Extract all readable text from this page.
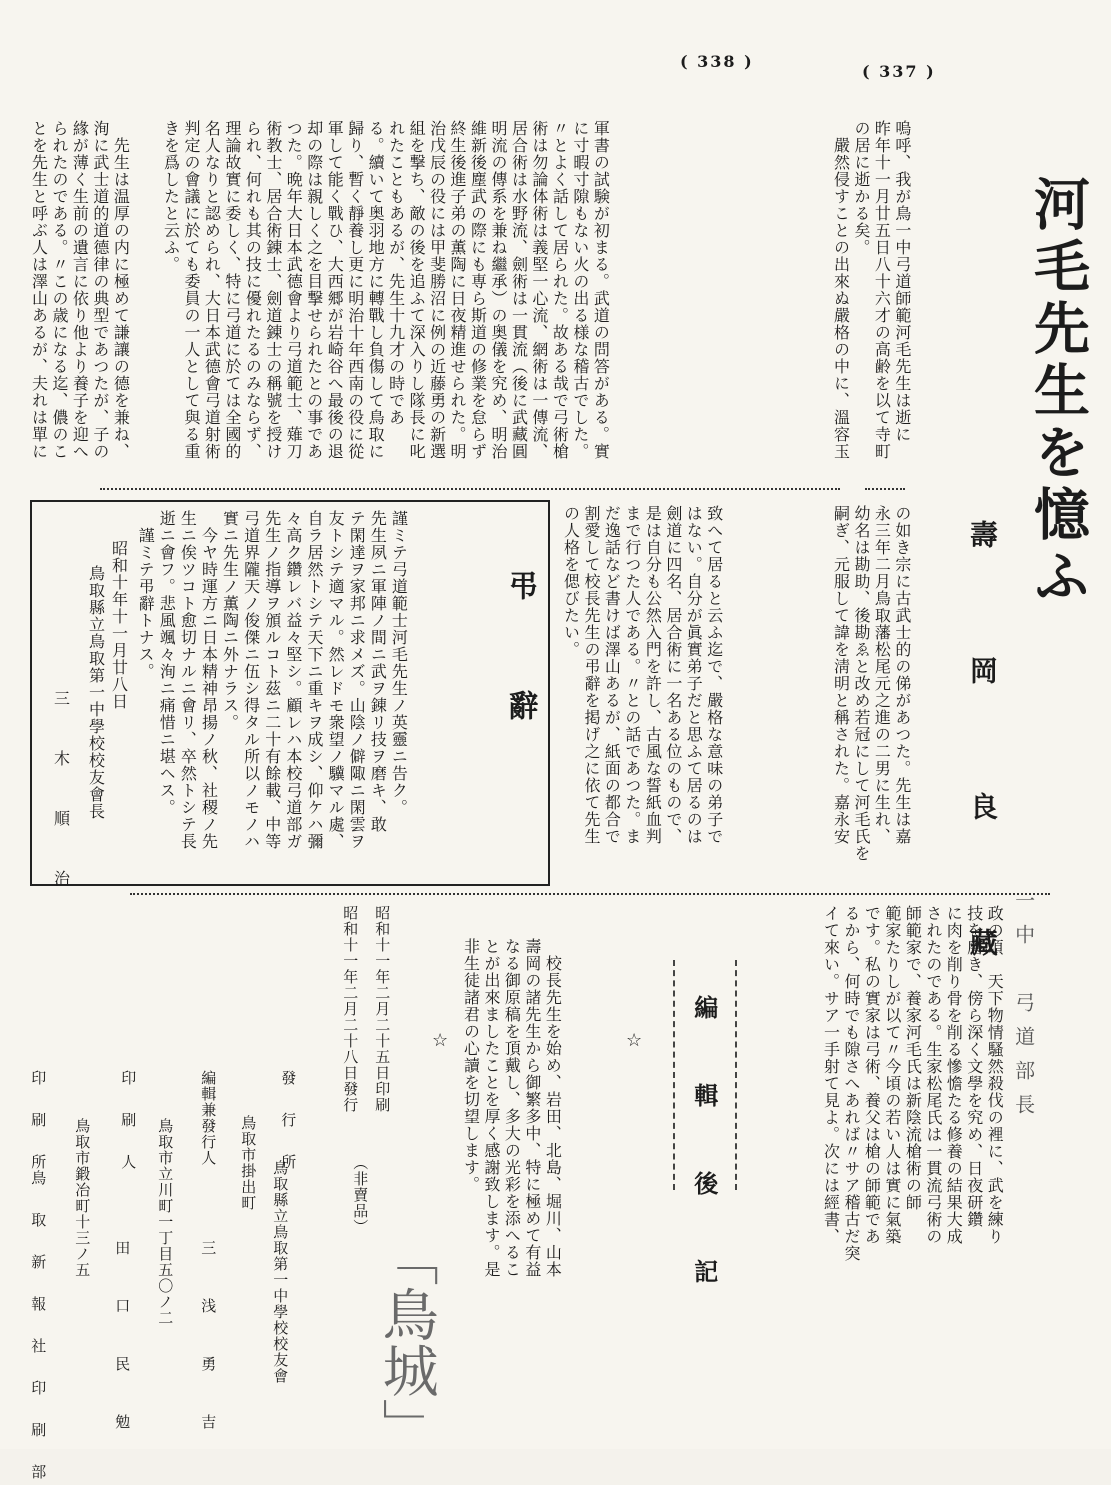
( 338 )
( 337 )
河毛先生を憶ふ
嗚呼、我が鳥一中弓道師範河毛先生は逝に
昨年十一月廿五日八十六才の高齢を以て寺町
の居に逝かる矣。
　嚴然侵すことの出來ぬ嚴格の中に、溫容玉
壽　岡　良　藏
一中　弓道部長
の如き宗に古武士的の俤があつた。先生は嘉
永三年二月鳥取藩松尾元之進の二男に生れ、
幼名は勘助、後勘ゑと改め若冠にして河毛氏を
嗣ぎ、元服して諱を淸明と稱された。嘉永安
軍書の試験が初まる。武道の問答がある。實
に寸暇寸隙もない火の出る様な稽古でした。
〃とよく話して居られた。故ある哉で弓術槍
術は勿論体術は義堅一心流、網術は一傳流、
居合術は水野流、劍術は一貫流（後に武藏圓
明流の傳系を兼ね繼承）の奥儀を究め、明治
維新後塵武の際にも専ら斯道の修業を怠らず
終生後進子弟の薫陶に日夜精進せられた。明
治戊辰の役には甲斐勝沼に例の近藤勇の新選
組を撃ち、敵の後を追ふて深入りし隊長に叱
れたこともあるが、先生十九才の時であ
る。續いて奥羽地方に轉戰し負傷して鳥取に
歸り、暫く靜養し更に明治十年西南の役に從
軍して能く戰ひ、大西郷が岩崎谷へ最後の退
却の際は親しく之を目撃せられたとの事であ
つた。晩年大日本武德會より弓道範士、薙刀
術教士、居合術錬士、劍道錬士の稱號を授け
られ、何れも其の技に優れたるのみならず、
理論故實に委しく、特に弓道に於ては全國的
名人なりと認められ、大日本武德會弓道射術
判定の會議に於ても委員の一人として與る重
きを爲したと云ふ。
　先生は温厚の内に極めて謙讓の德を兼ね、
洵に武士道的道德律の典型であつたが、子の
緣が薄く生前の遺言に依り他より養子を迎へ
られたのである。〃この歳になる迄、儂のこ
とを先生と呼ぶ人は澤山あるが、夫れは單に
致へて居ると云ふ迄で、嚴格な意味の弟子で
はない。自分が眞實弟子だと思ふて居るのは
劍道に四名、居合術に一名ある位のもので、
是は自分も公然入門を許し、古風な誓紙血判
まで行つた人である。〃との話であつた。ま
だ逸話など書けば澤山あるが、紙面の都合で
割愛して校長先生の弔辭を掲げ之に依て先生
の人格を偲びたい。
弔　辭
謹ミテ弓道範士河毛先生ノ英靈ニ告ク。
先生夙ニ軍陣ノ間ニ武ヲ錬リ技ヲ磨キ、敢
テ閑達ヲ家邦ニ求メズ。山陰ノ僻陬ニ閑雲ヲ
友トシテ適マル。然レドモ衆望ノ驥マル處、
自ラ居然トシテ天下ニ重キヲ成シ、仰ケハ彌
々高ク鑽レバ益々堅シ。顧レハ本校弓道部ガ
先生ノ指導ヲ頒ルコト茲ニ二十有餘載、中等
弓道界隴天ノ俊傑ニ伍シ得タル所以ノモノハ
實ニ先生ノ薫陶ニ外ナラス。
　今ヤ時運方ニ日本精神昂揚ノ秋、社稷ノ先
生ニ俟ツコト愈切ナルニ會リ、卒然トシテ長
逝ニ會フ。悲風颯々洵ニ痛惜ニ堪ヘス。
　謹ミテ弔辭トナス。
昭和十年十一月廿八日
鳥取縣立鳥取第一中學校校友會長
三　木　順　治
政の頃　天下物情騷然殺伐の裡に、武を練り
技を磨き、傍ら深く文學を究め、日夜研鑽
に肉を削り骨を削る慘憺たる修養の結果大成
されたのである。生家松尾氏は一貫流弓術の
師範家で、養家河毛氏は新陰流槍術の師
範家たりしが以て〃今頃の若い人は實に氣築
です。私の實家は弓術、養父は槍の師範であ
るから、何時でも隙さへあれば〃サア稽古だ突
イて來い。サア一手射て見よ。次には經書、
編　輯　後　記
☆
☆	　校長先生を始め、岩田、北島、堀川、山本
壽岡の諸先生から御繁多中、特に極めて有益
なる御原稿を頂戴し、多大の光彩を添へるこ
とが出來ましたことを厚く感謝致します。是
非生徒諸君の心讀を切望します。
昭和十一年二月二十五日印刷
昭和十一年二月二十八日發行
（非賣品）
發　行　所
鳥取市掛出町 鳥取縣立鳥取第一中學校校友會
編輯兼發行人
鳥取市立川町一丁目五〇ノ二
三　浅　勇　吉
印　刷　人
鳥取市鍛冶町十三ノ五
田　口　民　勉
印　刷　所
鳥　取　新　報　社　印　刷　部	「鳥城」
